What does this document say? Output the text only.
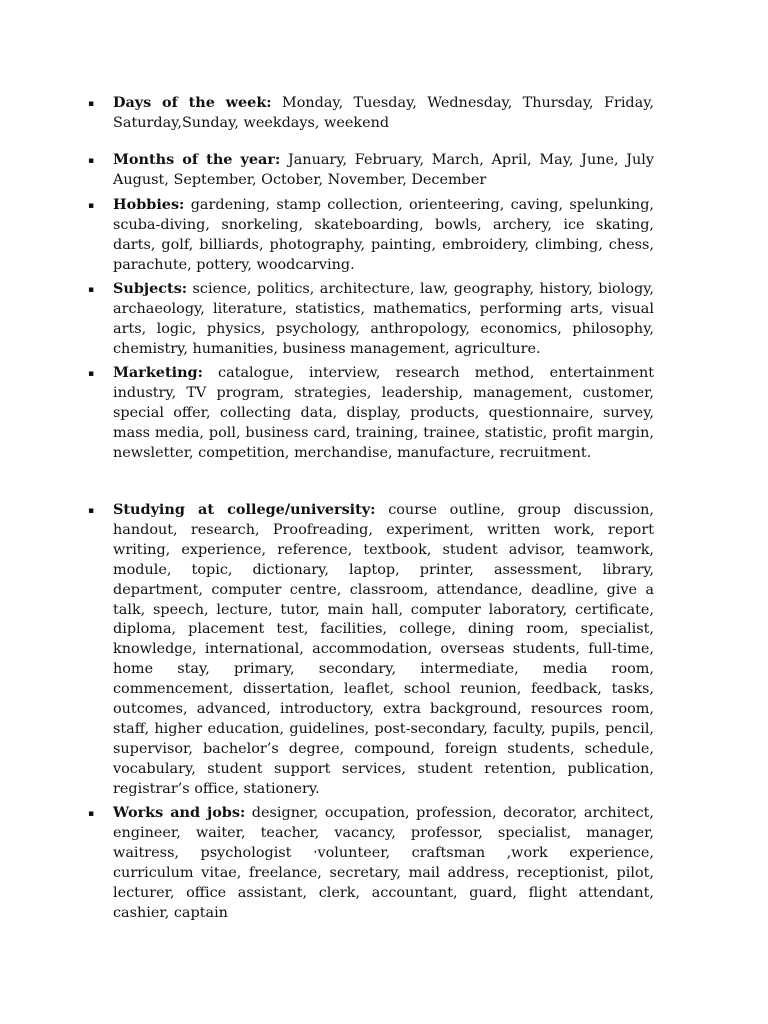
▪ Days of the week: Monday, Tuesday, Wednesday, Thursday, Friday, Saturday,Sunday, weekdays, weekend
▪ Months of the year: January, February, March, April, May, June, July August, September, October, November, December
▪ Hobbies: gardening, stamp collection, orienteering, caving, spelunking, scuba-diving, snorkeling, skateboarding, bowls, archery, ice skating, darts, golf, billiards, photography, painting, embroidery, climbing, chess, parachute, pottery, woodcarving.
▪ Subjects: science, politics, architecture, law, geography, history, biology, archaeology, literature, statistics, mathematics, performing arts, visual arts, logic, physics, psychology, anthropology, economics, philosophy, chemistry, humanities, business management, agriculture.
▪ Marketing: catalogue, interview, research method, entertainment industry, TV program, strategies, leadership, management, customer, special offer, collecting data, display, products, questionnaire, survey, mass media, poll, business card, training, trainee, statistic, profit margin, newsletter, competition, merchandise, manufacture, recruitment.
▪ Studying at college/university: course outline, group discussion, handout, research, Proofreading, experiment, written work, report writing, experience, reference, textbook, student advisor, teamwork, module, topic, dictionary, laptop, printer, assessment, library, department, computer centre, classroom, attendance, deadline, give a talk, speech, lecture, tutor, main hall, computer laboratory, certificate, diploma, placement test, facilities, college, dining room, specialist, knowledge, international, accommodation, overseas students, full-time, home stay, primary, secondary, intermediate, media room, commencement, dissertation, leaflet, school reunion, feedback, tasks, outcomes, advanced, introductory, extra background, resources room, staff, higher education, guidelines, post-secondary, faculty, pupils, pencil, supervisor, bachelor’s degree, compound, foreign students, schedule, vocabulary, student support services, student retention, publication, registrar’s office, stationery.
▪ Works and jobs: designer, occupation, profession, decorator, architect, engineer, waiter, teacher, vacancy, professor, specialist, manager, waitress, psychologist ‧volunteer, craftsman ,work experience, curriculum vitae, freelance, secretary, mail address, receptionist, pilot, lecturer, office assistant, clerk, accountant, guard, flight attendant, cashier, captain
